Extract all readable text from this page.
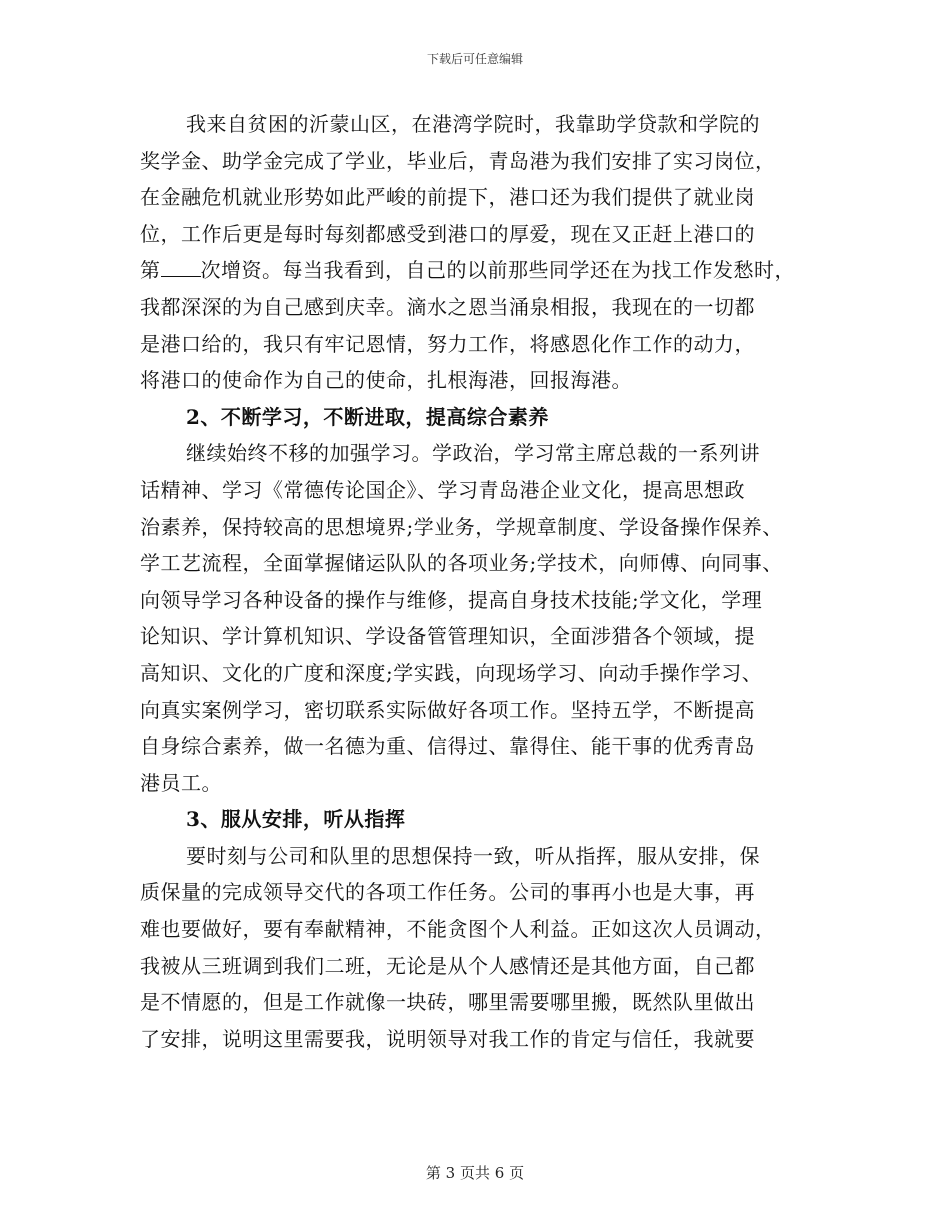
下载后可任意编辑
我来自贫困的沂蒙山区，在港湾学院时，我靠助学贷款和学院的
奖学金、助学金完成了学业，毕业后，青岛港为我们安排了实习岗位，
在金融危机就业形势如此严峻的前提下，港口还为我们提供了就业岗
位，工作后更是每时每刻都感受到港口的厚爱，现在又正赶上港口的
第 次增资。每当我看到，自己的以前那些同学还在为找工作发愁时，
我都深深的为自己感到庆幸。滴水之恩当涌泉相报，我现在的一切都
是港口给的，我只有牢记恩情，努力工作，将感恩化作工作的动力，
将港口的使命作为自己的使命，扎根海港，回报海港。
2、不断学习，不断进取，提高综合素养
继续始终不移的加强学习。学政治，学习常主席总裁的一系列讲
话精神、学习《常德传论国企》、学习青岛港企业文化，提高思想政
治素养，保持较高的思想境界;学业务，学规章制度、学设备操作保养、
学工艺流程，全面掌握储运队队的各项业务;学技术，向师傅、向同事、
向领导学习各种设备的操作与维修，提高自身技术技能;学文化，学理
论知识、学计算机知识、学设备管管理知识，全面涉猎各个领域，提
高知识、文化的广度和深度;学实践，向现场学习、向动手操作学习、
向真实案例学习，密切联系实际做好各项工作。坚持五学，不断提高
自身综合素养，做一名德为重、信得过、靠得住、能干事的优秀青岛
港员工。
3、服从安排，听从指挥
要时刻与公司和队里的思想保持一致，听从指挥，服从安排，保
质保量的完成领导交代的各项工作任务。公司的事再小也是大事，再
难也要做好，要有奉献精神，不能贪图个人利益。正如这次人员调动，
我被从三班调到我们二班，无论是从个人感情还是其他方面，自己都
是不情愿的，但是工作就像一块砖，哪里需要哪里搬，既然队里做出
了安排，说明这里需要我，说明领导对我工作的肯定与信任，我就要
第 3 页共 6 页
